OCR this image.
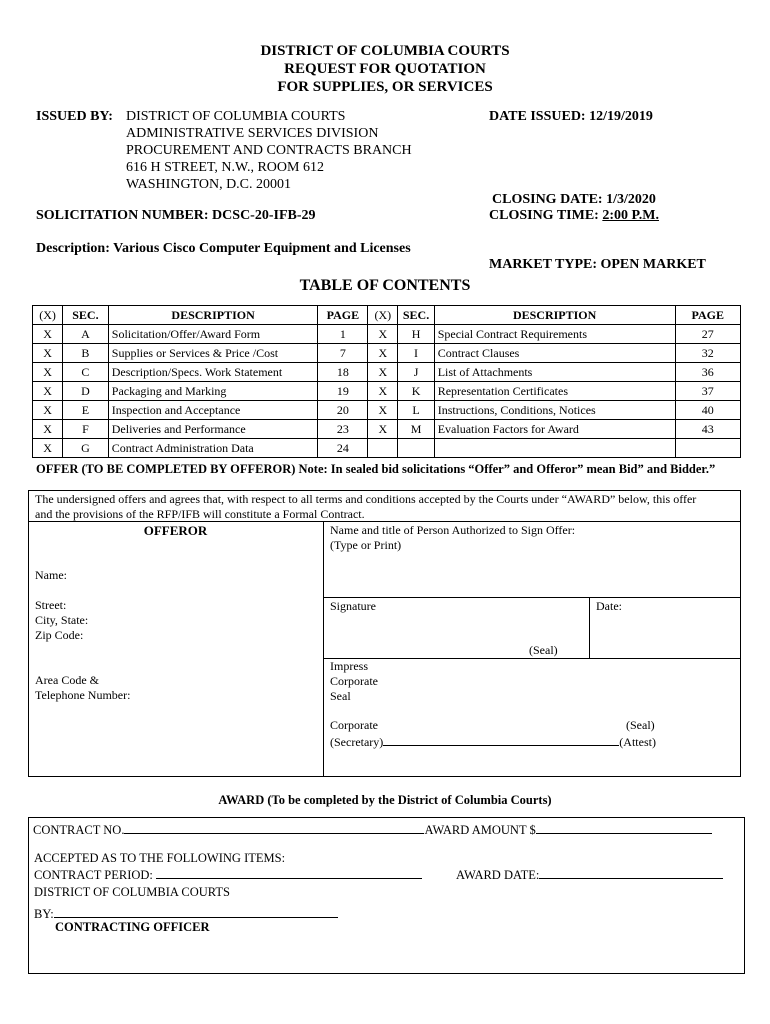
DISTRICT OF COLUMBIA COURTS
REQUEST FOR QUOTATION
FOR SUPPLIES, OR SERVICES
ISSUED BY: DISTRICT OF COLUMBIA COURTS
ADMINISTRATIVE SERVICES DIVISION
PROCUREMENT AND CONTRACTS BRANCH
616 H STREET, N.W., ROOM 612
WASHINGTON, D.C. 20001
DATE ISSUED: 12/19/2019
CLOSING DATE: 1/3/2020
CLOSING TIME: 2:00 P.M.
SOLICITATION NUMBER: DCSC-20-IFB-29
Description: Various Cisco Computer Equipment and Licenses
MARKET TYPE: OPEN MARKET
TABLE OF CONTENTS
(X)	SEC.	DESCRIPTION	PAGE	(X)	SEC.	DESCRIPTION	PAGE
X	A	Solicitation/Offer/Award Form	1	X	H	Special Contract Requirements	27
X	B	Supplies or Services & Price /Cost	7	X	I	Contract Clauses	32
X	C	Description/Specs. Work Statement	18	X	J	List of Attachments	36
X	D	Packaging and Marking	19	X	K	Representation Certificates	37
X	E	Inspection and Acceptance	20	X	L	Instructions, Conditions, Notices	40
X	F	Deliveries and Performance	23	X	M	Evaluation Factors for Award	43
X	G	Contract Administration Data	24				
OFFER (TO BE COMPLETED BY OFFEROR) Note: In sealed bid solicitations “Offer” and Offeror” mean Bid” and Bidder.”
The undersigned offers and agrees that, with respect to all terms and conditions accepted by the Courts under “AWARD” below, this offer
and the provisions of the RFP/IFB will constitute a Formal Contract.
OFFEROR	Name and title of Person Authorized to Sign Offer:
(Type or Print)
Name:
Street:
City, State:
Zip Code:
Area Code &
Telephone Number:
Signature	Date:
(Seal)
Impress
Corporate
Seal
Corporate
(Secretary)	(Attest)
(Seal)
AWARD (To be completed by the District of Columbia Courts)
CONTRACT NO.	AWARD AMOUNT $
ACCEPTED AS TO THE FOLLOWING ITEMS:
CONTRACT PERIOD:	AWARD DATE:
DISTRICT OF COLUMBIA COURTS
BY:
CONTRACTING OFFICER
